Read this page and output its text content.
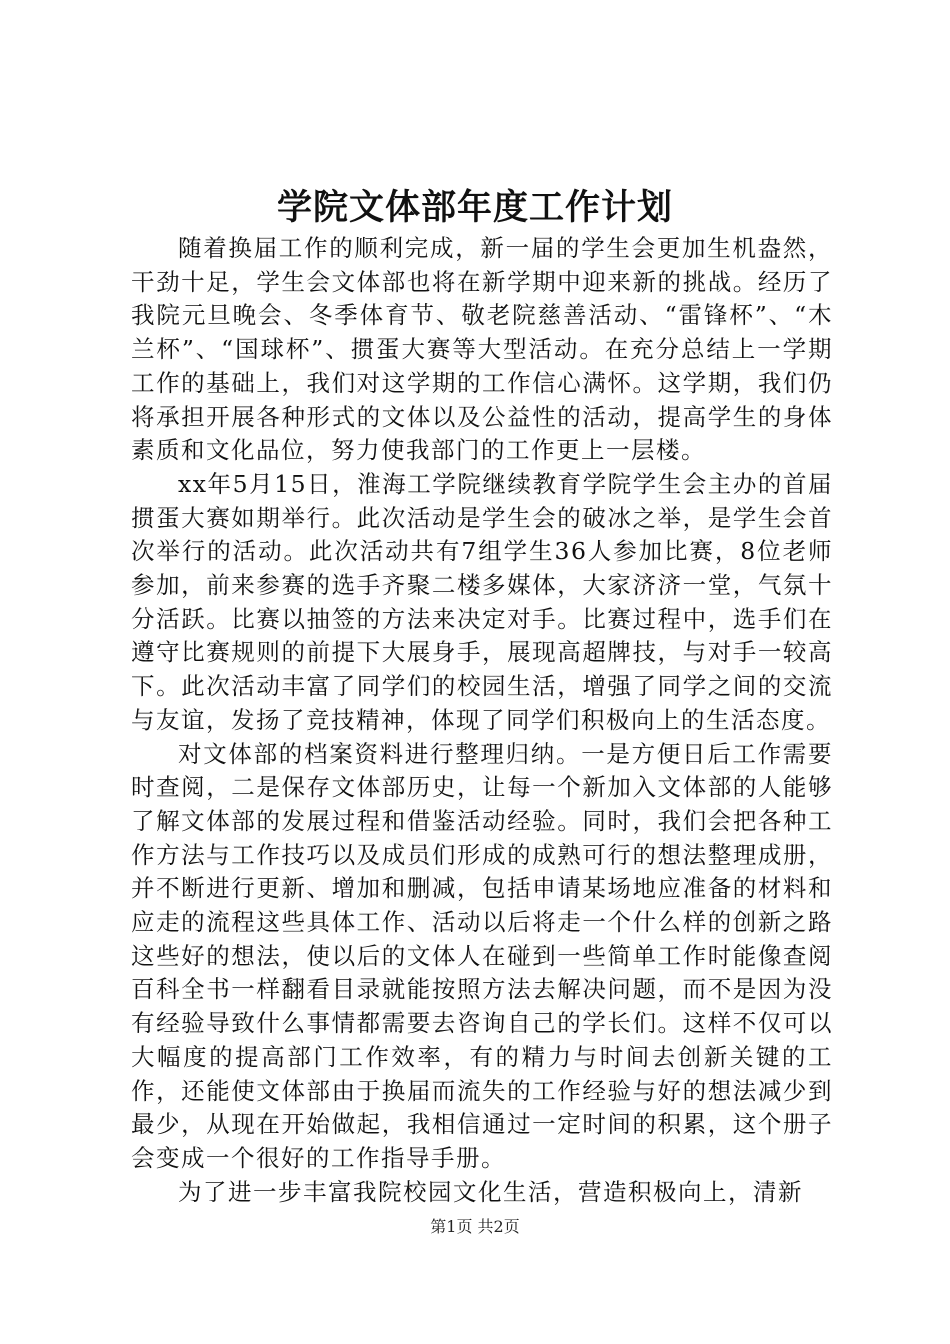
学院文体部年度工作计划

随着换届工作的顺利完成，新一届的学生会更加生机盎然，干劲十足，学生会文体部也将在新学期中迎来新的挑战。经历了我院元旦晚会、冬季体育节、敬老院慈善活动、“雷锋杯”、“木兰杯”、“国球杯”、掼蛋大赛等大型活动。在充分总结上一学期工作的基础上，我们对这学期的工作信心满怀。这学期，我们仍将承担开展各种形式的文体以及公益性的活动，提高学生的身体素质和文化品位，努力使我部门的工作更上一层楼。

xx年5月15日，淮海工学院继续教育学院学生会主办的首届掼蛋大赛如期举行。此次活动是学生会的破冰之举，是学生会首次举行的活动。此次活动共有7组学生36人参加比赛，8位老师参加，前来参赛的选手齐聚二楼多媒体，大家济济一堂，气氛十分活跃。比赛以抽签的方法来决定对手。比赛过程中，选手们在遵守比赛规则的前提下大展身手，展现高超牌技，与对手一较高下。此次活动丰富了同学们的校园生活，增强了同学之间的交流与友谊，发扬了竞技精神，体现了同学们积极向上的生活态度。

对文体部的档案资料进行整理归纳。一是方便日后工作需要时查阅，二是保存文体部历史，让每一个新加入文体部的人能够了解文体部的发展过程和借鉴活动经验。同时，我们会把各种工作方法与工作技巧以及成员们形成的成熟可行的想法整理成册，并不断进行更新、增加和删减，包括申请某场地应准备的材料和应走的流程这些具体工作、活动以后将走一个什么样的创新之路这些好的想法，使以后的文体人在碰到一些简单工作时能像查阅百科全书一样翻看目录就能按照方法去解决问题，而不是因为没有经验导致什么事情都需要去咨询自己的学长们。这样不仅可以大幅度的提高部门工作效率，有的精力与时间去创新关键的工作，还能使文体部由于换届而流失的工作经验与好的想法减少到最少，从现在开始做起，我相信通过一定时间的积累，这个册子会变成一个很好的工作指导手册。

为了进一步丰富我院校园文化生活，营造积极向上，清新

第1页 共2页
